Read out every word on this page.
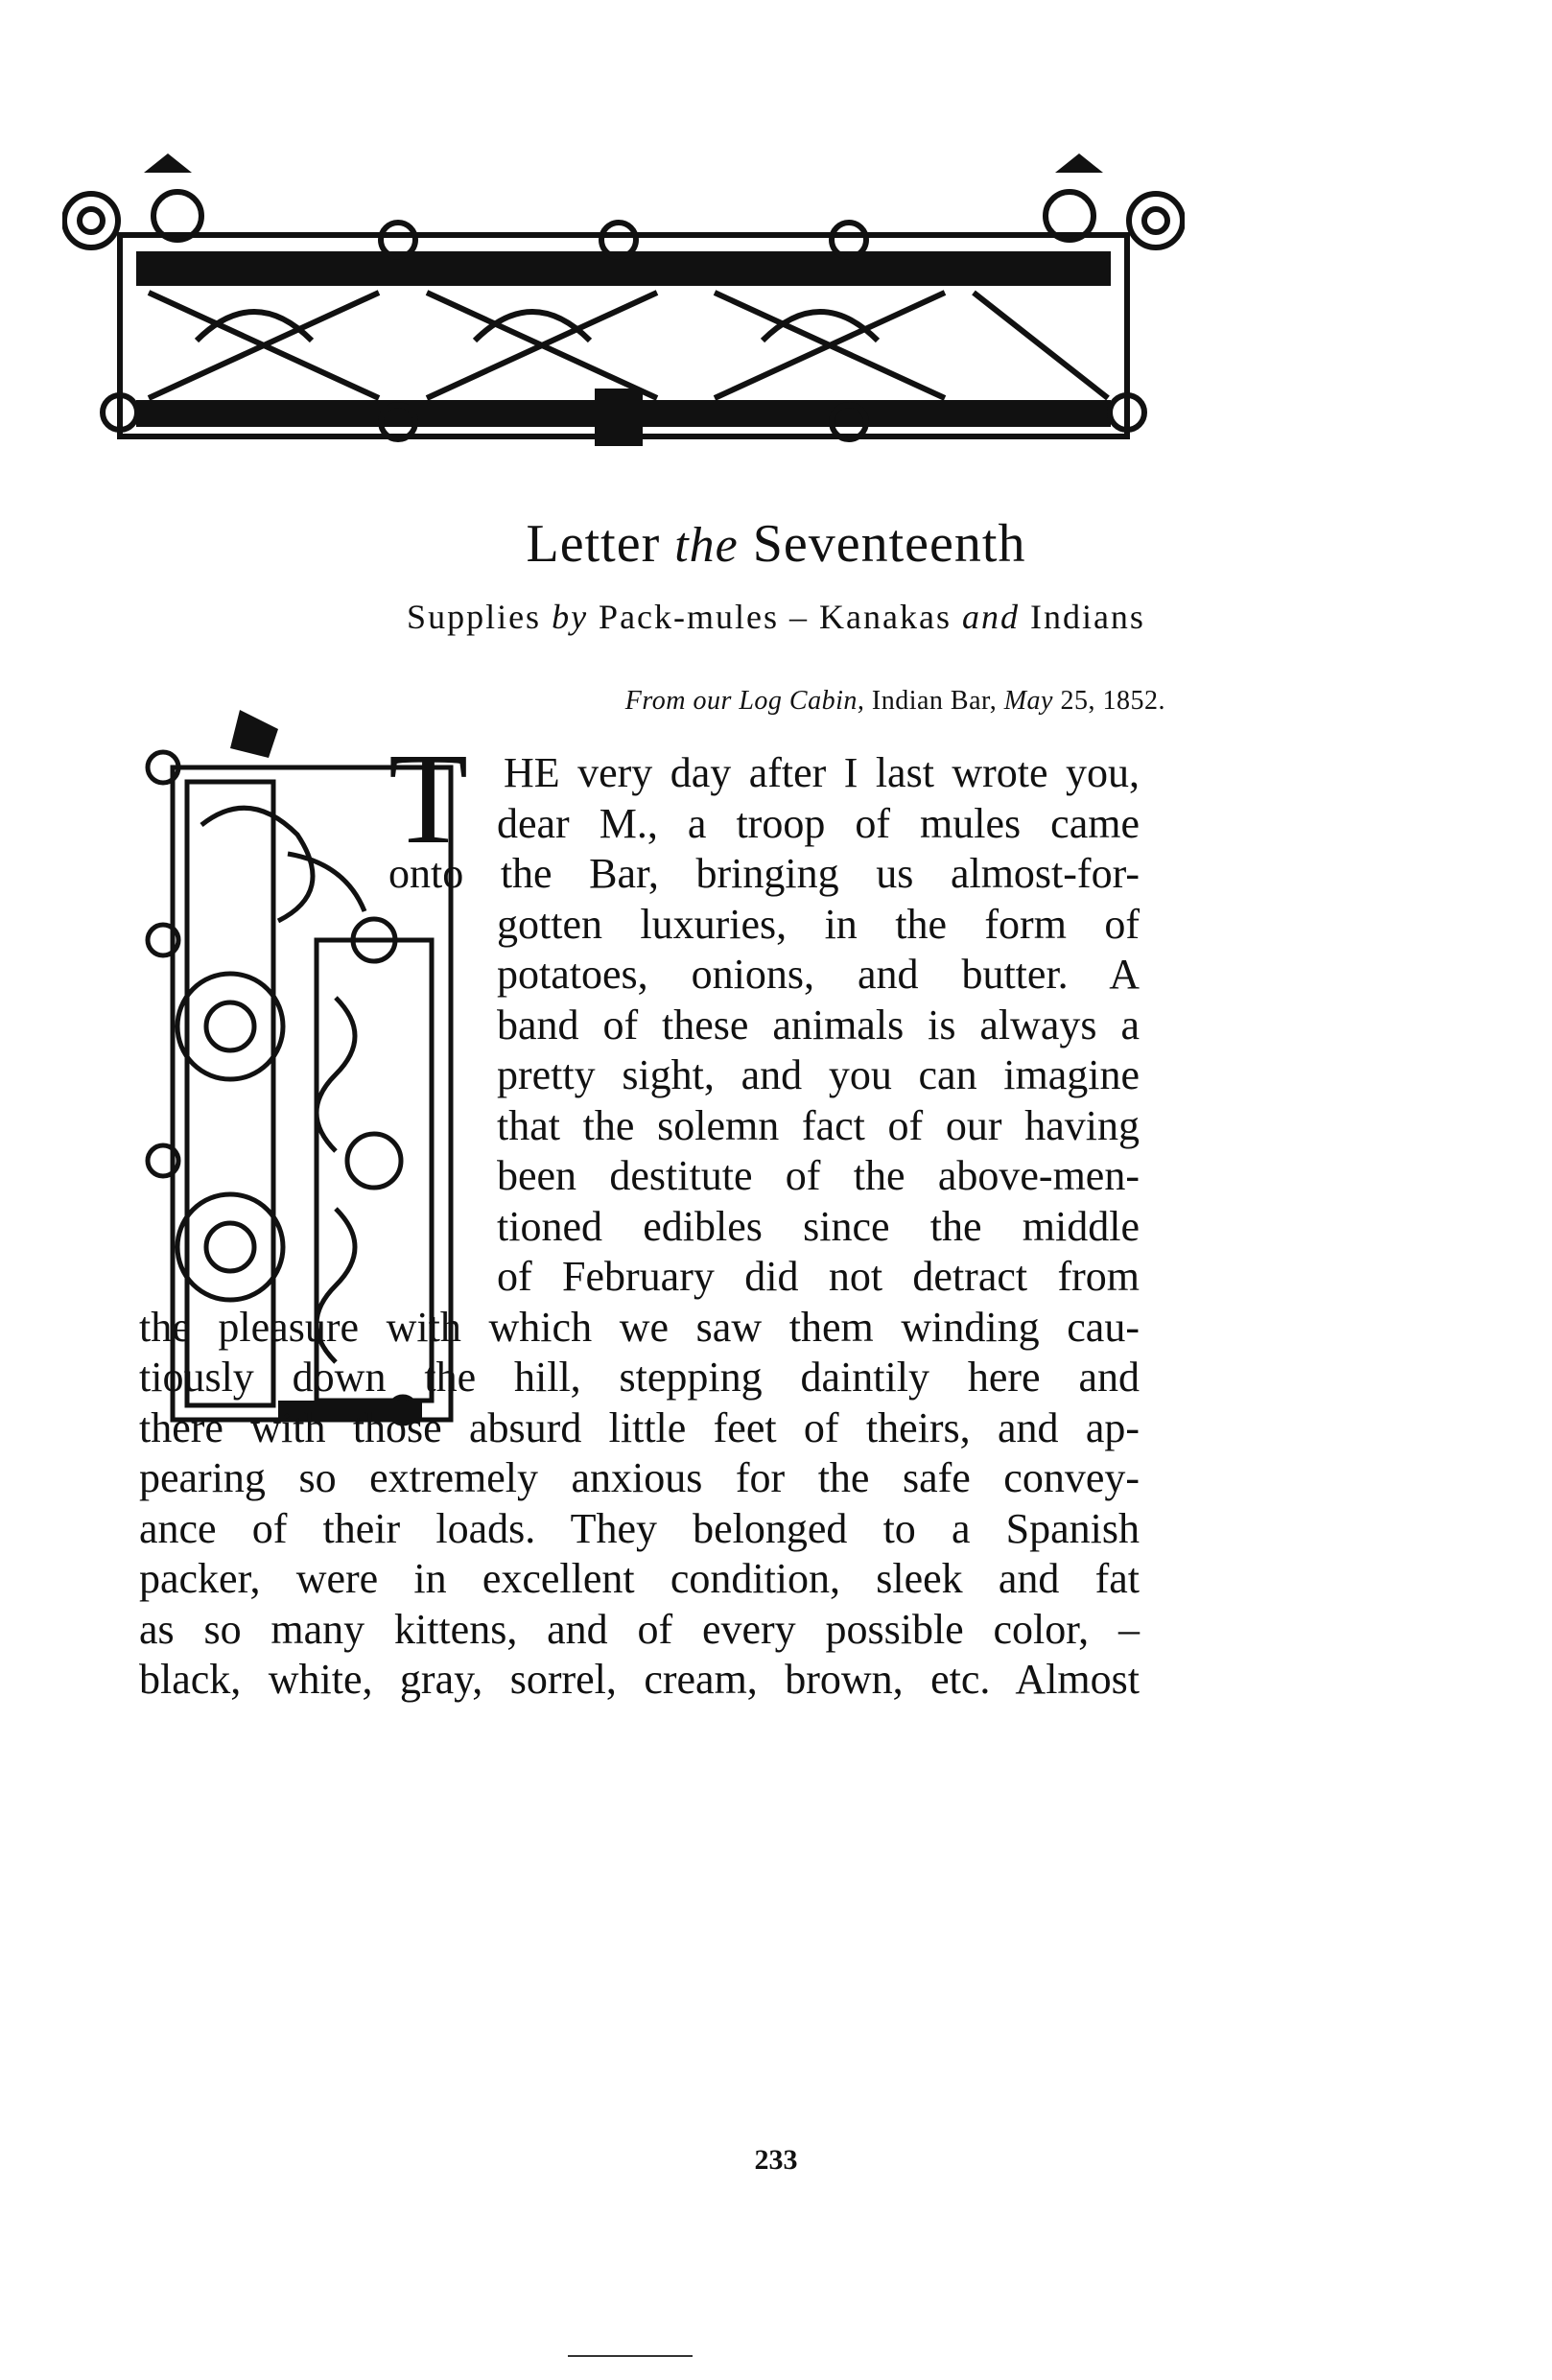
Letter the Seventeenth
Supplies by Pack-mules – Kanakas and Indians
From our Log Cabin, Indian Bar, May 25, 1852.
T HE very day after I last wrote you,
dear M., a troop of mules came
onto the Bar, bringing us almost-for-
gotten luxuries, in the form of
potatoes, onions, and butter. A
band of these animals is always a
pretty sight, and you can imagine
that the solemn fact of our having
been destitute of the above-men-
tioned edibles since the middle
of February did not detract from
the pleasure with which we saw them winding cau-
tiously down the hill, stepping daintily here and
there with those absurd little feet of theirs, and ap-
pearing so extremely anxious for the safe convey-
ance of their loads. They belonged to a Spanish
packer, were in excellent condition, sleek and fat
as so many kittens, and of every possible color, –
black, white, gray, sorrel, cream, brown, etc. Almost
233
